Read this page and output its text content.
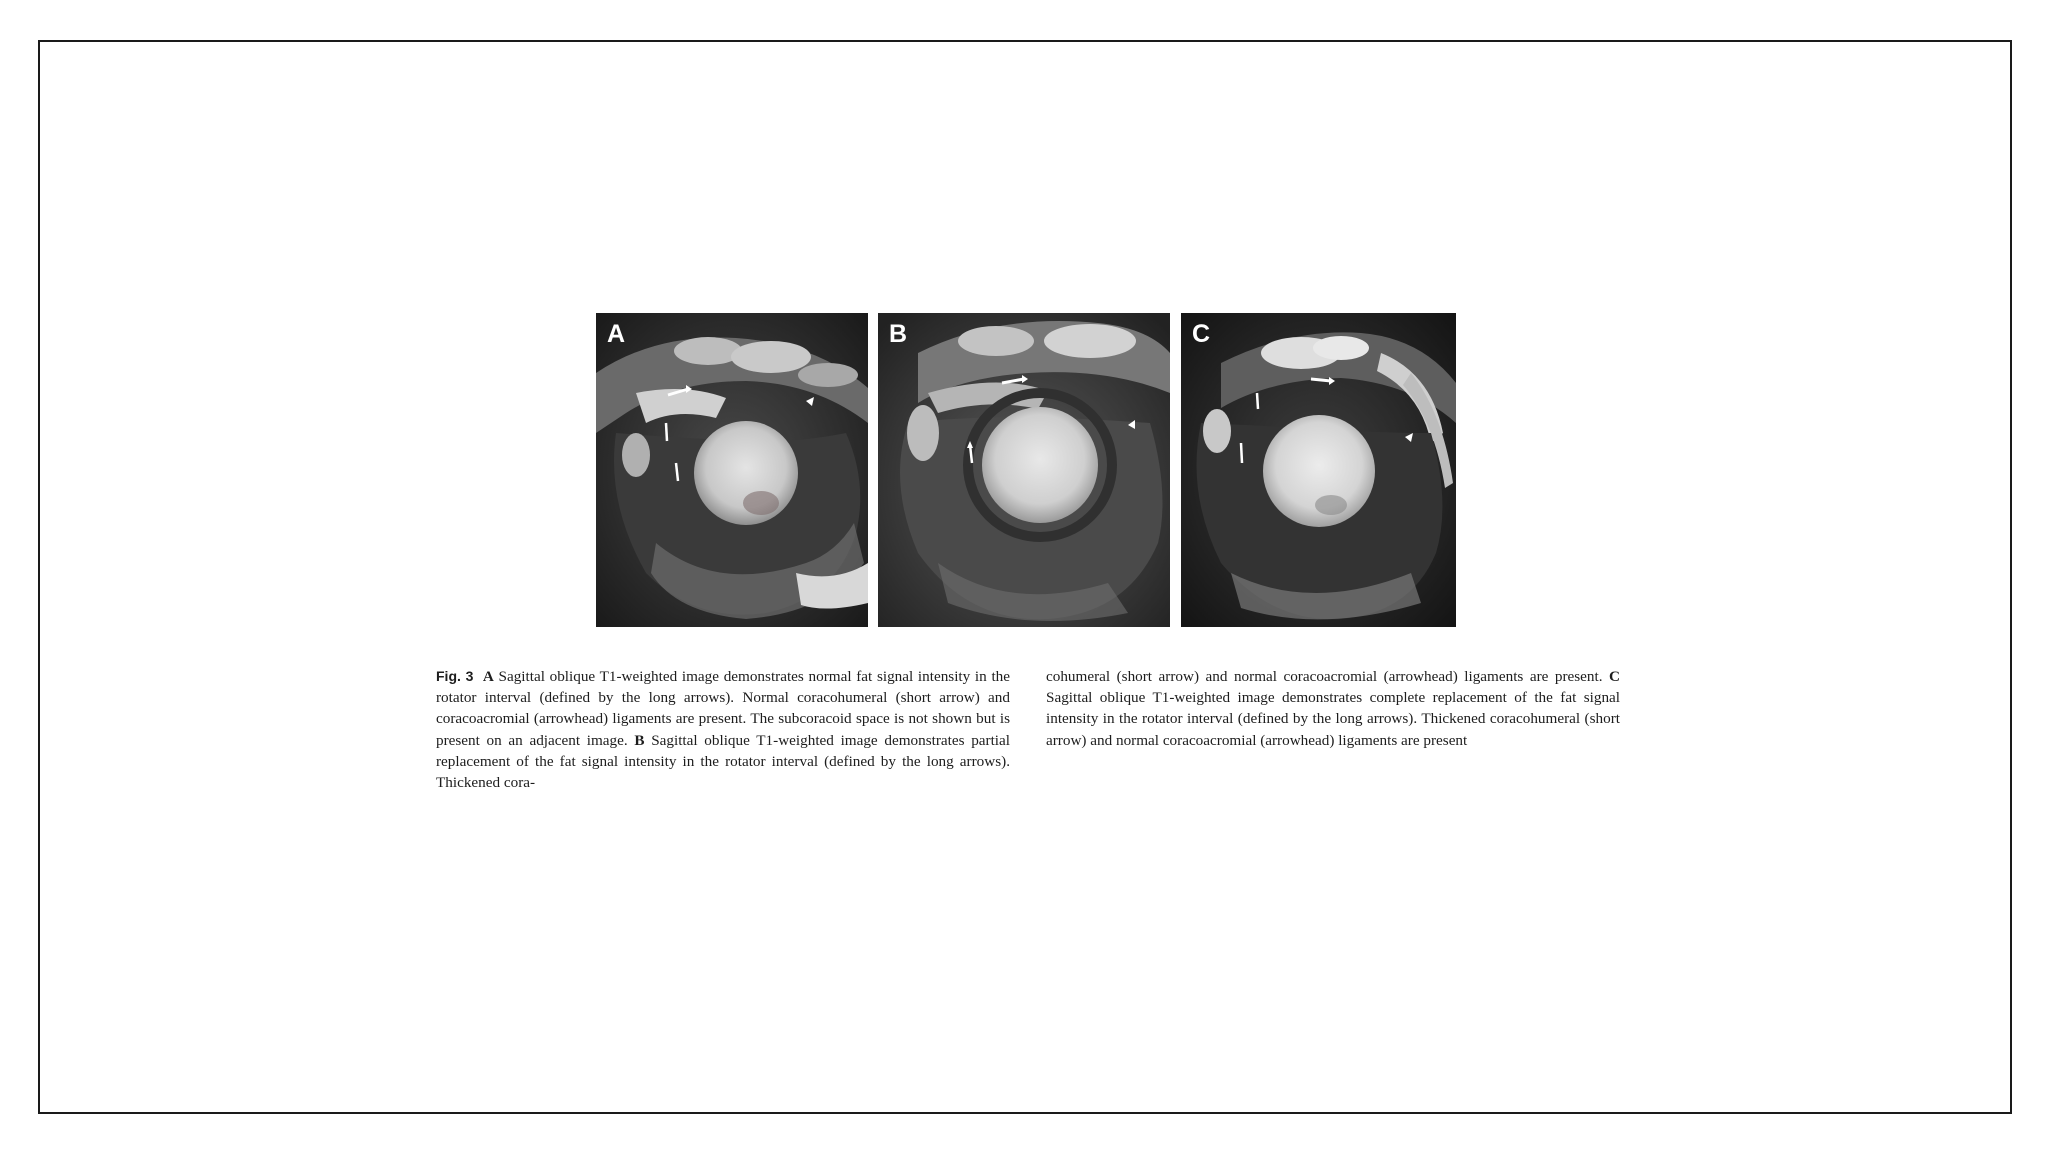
A	B	C
Fig. 3 A Sagittal oblique T1-weighted image demonstrates normal fat signal intensity in the rotator interval (defined by the long arrows). Normal coracohumeral (short arrow) and coracoacromial (arrowhead) ligaments are present. The subcoracoid space is not shown but is present on an adjacent image. B Sagittal oblique T1-weighted image demonstrates partial replacement of the fat signal intensity in the rotator interval (defined by the long arrows). Thickened cora-
cohumeral (short arrow) and normal coracoacromial (arrowhead) ligaments are present. C Sagittal oblique T1-weighted image demonstrates complete replacement of the fat signal intensity in the rotator interval (defined by the long arrows). Thickened coracohumeral (short arrow) and normal coracoacromial (arrowhead) ligaments are present
